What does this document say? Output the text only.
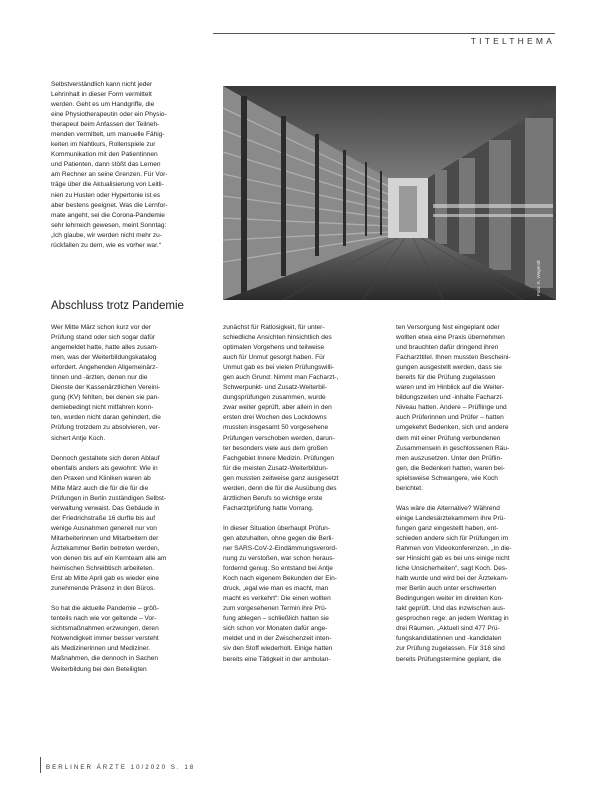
TITELTHEMA

Selbstverständlich kann nicht jeder
Lehrinhalt in dieser Form vermittelt
werden. Geht es um Handgriffe, die
eine Physiotherapeutin oder ein Physio-
therapeut beim Anfassen der Teilneh-
menden vermittelt, um manuelle Fähig-
keiten im Nahtkurs, Rollenspiele zur
Kommunikation mit den Patientinnen
und Patienten, dann stößt das Lernen
am Rechner an seine Grenzen. Für Vor-
träge über die Aktualisierung von Leitli-
nien zu Husten oder Hypertonie ist es
aber bestens geeignet. Was die Lernfor-
mate angeht, sei die Corona-Pandemie
sehr lehrreich gewesen, meint Sonntag:
„Ich glaube, wir werden nicht mehr zu-
rückfallen zu dem, wie es vorher war.“

Foto: K. Wegendt
Abschluss trotz Pandemie

Wer Mitte März schon kurz vor der
Prüfung stand oder sich sogar dafür
angemeldet hatte, hatte alles zusam-
men, was der Weiterbildungskatalog
erfordert. Angehenden Allgemeinärz-
tinnen und -ärzten, denen nur die
Dienste der Kassenärztlichen Vereini-
gung (KV) fehlten, bei denen sie pan-
demiebedingt nicht mitfahren konn-
ten, wurden nicht daran gehindert, die
Prüfung trotzdem zu absolvieren, ver-
sichert Antje Koch.

Dennoch gestaltete sich deren Ablauf
ebenfalls anders als gewohnt: Wie in
den Praxen und Kliniken waren ab
Mitte März auch die für die für die
Prüfungen in Berlin zuständigen Selbst-
verwaltung verwaist. Das Gebäude in
der Friedrichstraße 16 durfte bis auf
wenige Ausnahmen generell nur von
Mitarbeiterinnen und Mitarbeitern der
Ärztekammer Berlin betreten werden,
von denen bis auf ein Kernteam alle am
heimischen Schreibtisch arbeiteten.
Erst ab Mitte April gab es wieder eine
zunehmende Präsenz in den Büros.

So hat die aktuelle Pandemie – größ-
tenteils nach wie vor geltende – Vor-
sichtsmaßnahmen erzwungen, deren
Notwendigkeit immer besser versteht
als Medizinerinnen und Mediziner.
Maßnahmen, die dennoch in Sachen
Weiterbildung bei den Beteiligten

zunächst für Ratlosigkeit, für unter-
schiedliche Ansichten hinsichtlich des
optimalen Vorgehens und teilweise
auch für Unmut gesorgt haben. Für
Unmut gab es bei vielen Prüfungswilli-
gen auch Grund: Nimmt man Facharzt-,
Schwerpunkt- und Zusatz-Weiterbil-
dungsprüfungen zusammen, wurde
zwar weiter geprüft, aber allein in den
ersten drei Wochen des Lockdowns
mussten insgesamt 50 vorgesehene
Prüfungen verschoben werden, darun-
ter besonders viele aus dem großen
Fachgebiet Innere Medizin. Prüfungen
für die meisten Zusatz-Weiterbildun-
gen mussten zeitweise ganz ausgesetzt
werden, denn die für die Ausübung des
ärztlichen Berufs so wichtige erste
Facharztprüfung hatte Vorrang.

In dieser Situation überhaupt Prüfun-
gen abzuhalten, ohne gegen die Berli-
ner SARS-CoV-2-Eindämmungsverord-
nung zu verstoßen, war schon heraus-
fordernd genug. So entstand bei Antje
Koch nach eigenem Bekunden der Ein-
druck, „egal wie man es macht, man
macht es verkehrt“: Die einen wollten
zum vorgesehenen Termin ihre Prü-
fung ablegen – schließlich hatten sie
sich schon vor Monaten dafür ange-
meldet und in der Zwischenzeit inten-
siv den Stoff wiederholt. Einige hatten
bereits eine Tätigkeit in der ambulan-

ten Versorgung fest eingeplant oder
wollten etwa eine Praxis übernehmen
und brauchten dafür dringend ihren
Facharzttitel. Ihnen mussten Bescheini-
gungen ausgestellt werden, dass sie
bereits für die Prüfung zugelassen
waren und im Hinblick auf die Weiter-
bildungszeiten und -inhalte Facharzt-
Niveau hatten. Andere – Prüflinge und
auch Prüferinnen und Prüfer – hatten
umgekehrt Bedenken, sich und andere
dem mit einer Prüfung verbundenen
Zusammensein in geschlossenen Räu-
men auszusetzen. Unter den Prüflin-
gen, die Bedenken hatten, waren bei-
spielsweise Schwangere, wie Koch
berichtet.

Was wäre die Alternative? Während
einige Landesärztekammern ihre Prü-
fungen ganz eingestellt haben, ent-
schieden andere sich für Prüfungen im
Rahmen von Videokonferenzen. „In die-
ser Hinsicht gab es bei uns einige nicht
liche Unsicherheiten“, sagt Koch. Des-
halb wurde und wird bei der Ärztekam-
mer Berlin auch unter erschwerten
Bedingungen weiter im direkten Kon-
takt geprüft. Und das inzwischen aus-
gesprochen rege: an jedem Werktag in
drei Räumen. „Aktuell sind 477 Prü-
fungskandidatinnen und -kandidaten
zur Prüfung zugelassen. Für 318 sind
bereits Prüfungstermine geplant, die

BERLINER ÄRZTE 10/2020 S. 18
